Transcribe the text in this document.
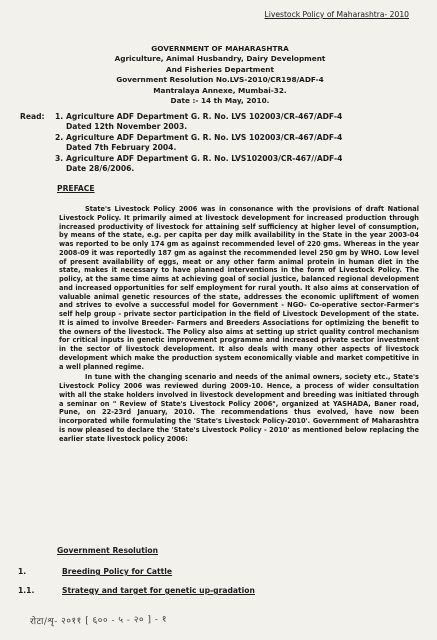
Livestock Policy of Maharashtra- 2010
GOVERNMENT OF MAHARASHTRA
Agriculture, Animal Husbandry, Dairy Development
And Fisheries Department
Government Resolution No.LVS-2010/CR198/ADF-4
Mantralaya Annexe, Mumbai-32.
Date :- 14 th May, 2010.
Read: 1. Agriculture ADF Department G. R. No. LVS 102003/CR-467/ADF-4
Dated 12th November 2003.
2. Agriculture ADF Department G. R. No. LVS 102003/CR-467/ADF-4
Dated 7th February 2004.
3. Agriculture ADF Department G. R. No. LVS102003/CR-467//ADF-4
Date 28/6/2006.
PREFACE

State's Livestock Policy 2006 was in consonance with the provisions of draft National Livestock Policy. It primarily aimed at livestock development for increased production through increased productivity of livestock for attaining self sufficiency at higher level of consumption, by means of the state, e.g. per capita per day milk availability in the State in the year 2003-04 was reported to be only 174 gm as against recommended level of 220 gms. Whereas in the year 2008-09 it was reportedly 187 gm as against the recommended level 250 gm by WHO. Low level of present availability of eggs, meat or any other farm animal protein in human diet in the state, makes it necessary to have planned interventions in the form of Livestock Policy. The policy, at the same time aims at achieving goal of social justice, balanced regional development and increased opportunities for self employment for rural youth. It also aims at conservation of valuable animal genetic resources of the state, addresses the economic upliftment of women and strives to evolve a successful model for Government - NGO- Co-operative sector-Farmer's self help group - private sector participation in the field of Livestock Development of the state. It is aimed to involve Breeder- Farmers and Breeders Associations for optimizing the benefit to the owners of the livestock. The Policy also aims at setting up strict quality control mechanism for critical inputs in genetic improvement programme and increased private sector investment in the sector of livestock development. It also deals with many other aspects of livestock development which make the production system economically viable and market competitive in a well planned regime.

In tune with the changing scenario and needs of the animal owners, society etc., State's Livestock Policy 2006 was reviewed during 2009-10. Hence, a process of wider consultation with all the stake holders involved in livestock development and breeding was initiated through a seminar on " Review of State's Livestock Policy 2006", organized at YASHADA, Baner road, Pune, on 22-23rd January, 2010. The recommendations thus evolved, have now been incorporated while formulating the 'State's Livestock Policy-2010'. Government of Maharashtra is now pleased to declare the 'State's Livestock Policy - 2010' as mentioned below replacing the earlier state livestock policy 2006:

Government Resolution
1.	Breeding Policy for Cattle
1.1.	Strategy and target for genetic up-gradation
रोटा/शृ- २०११ [ ६०० - ५ - २० ] - १
